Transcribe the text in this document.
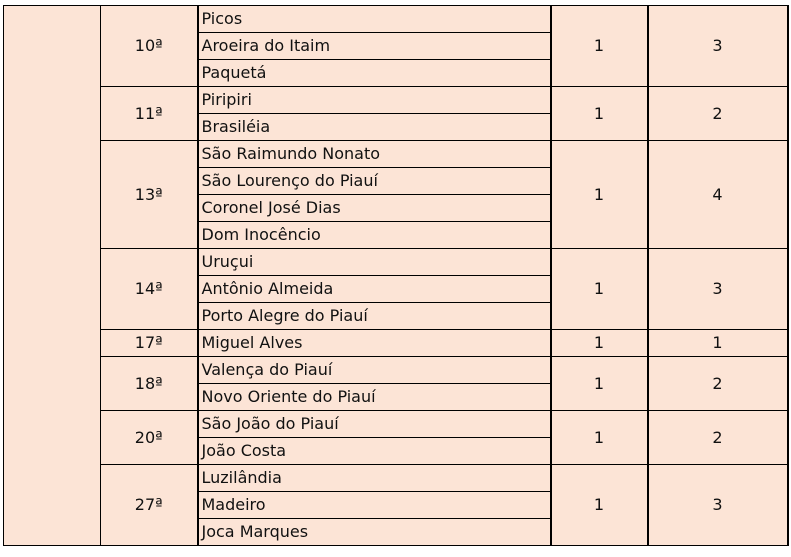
	10ª	Picos	1	3
		Aroeira do Itaim		
		Paquetá		
	11ª	Piripiri	1	2
		Brasiléia		
	13ª	São Raimundo Nonato	1	4
		São Lourenço do Piauí		
		Coronel José Dias		
		Dom Inocêncio		
	14ª	Uruçui	1	3
		Antônio Almeida		
		Porto Alegre do Piauí		
	17ª	Miguel Alves	1	1
	18ª	Valença do Piauí	1	2
		Novo Oriente do Piauí		
	20ª	São João do Piauí	1	2
		João Costa		
	27ª	Luzilândia	1	3
		Madeiro		
		Joca Marques		
